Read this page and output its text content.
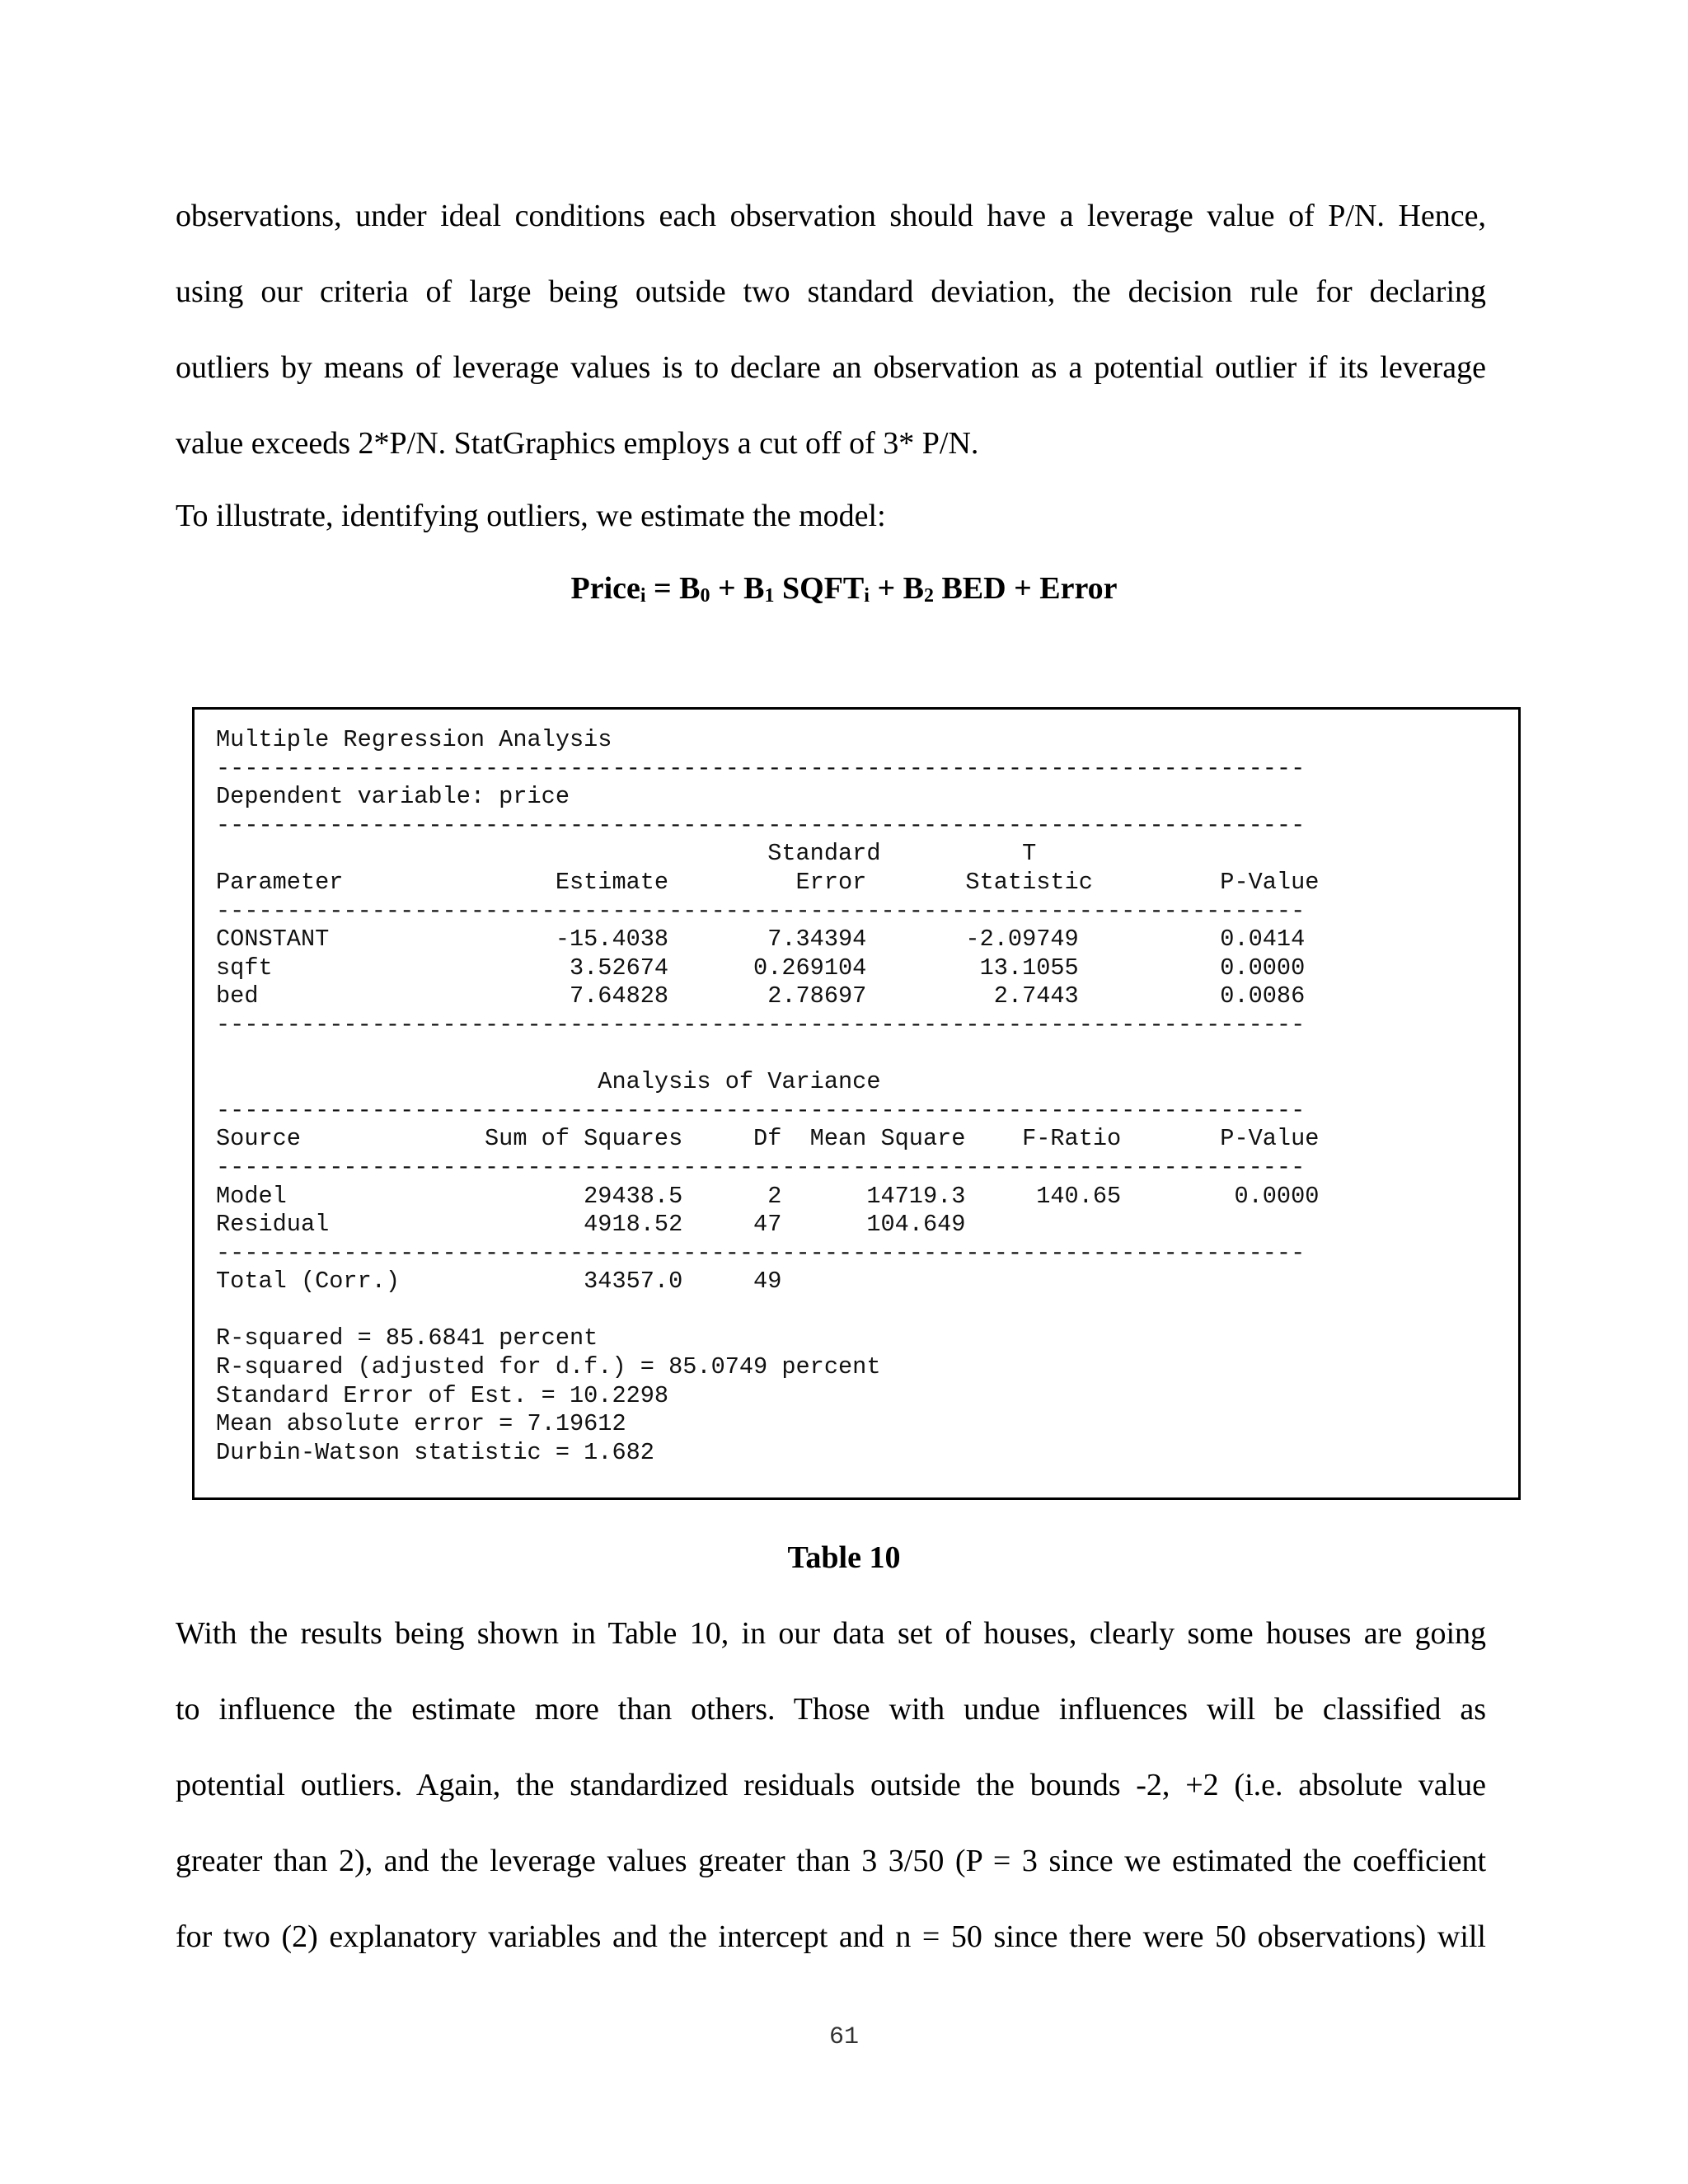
observations, under ideal conditions each observation should have a leverage value of P/N. Hence,
using our criteria of large being outside two standard deviation, the decision rule for declaring
outliers by means of leverage values is to declare an observation as a potential outlier if its leverage
value exceeds 2*P/N. StatGraphics employs a cut off of 3* P/N.
To illustrate, identifying outliers, we estimate the model:
Price$_i$ = $B_0 + B_1$ $SQFT_i + B_2$ BED + Error
Multiple Regression Analysis
-----------------------------------------------------------------------------
Dependent variable: price
-----------------------------------------------------------------------------
Standard          T
Parameter               Estimate         Error       Statistic         P-Value
-----------------------------------------------------------------------------
CONSTANT                -15.4038       7.34394       -2.09749          0.0414
sqft                     3.52674      0.269104        13.1055          0.0000
bed                      7.64828       2.78697         2.7443          0.0086
-----------------------------------------------------------------------------

Analysis of Variance
-----------------------------------------------------------------------------
Source             Sum of Squares     Df  Mean Square    F-Ratio       P-Value
-----------------------------------------------------------------------------
Model                     29438.5      2      14719.3     140.65        0.0000
Residual                  4918.52     47      104.649
-----------------------------------------------------------------------------
Total (Corr.)             34357.0     49

R-squared = 85.6841 percent
R-squared (adjusted for d.f.) = 85.0749 percent
Standard Error of Est. = 10.2298
Mean absolute error = 7.19612
Durbin-Watson statistic = 1.682
Table 10
With the results being shown in Table 10, in our data set of houses, clearly some houses are going
to influence the estimate more than others. Those with undue influences will be classified as
potential outliers. Again, the standardized residuals outside the bounds -2, +2 (i.e. absolute value
greater than 2), and the leverage values greater than 3 3/50 (P = 3 since we estimated the coefficient
for two (2) explanatory variables and the intercept and n = 50 since there were 50 observations) will
61
